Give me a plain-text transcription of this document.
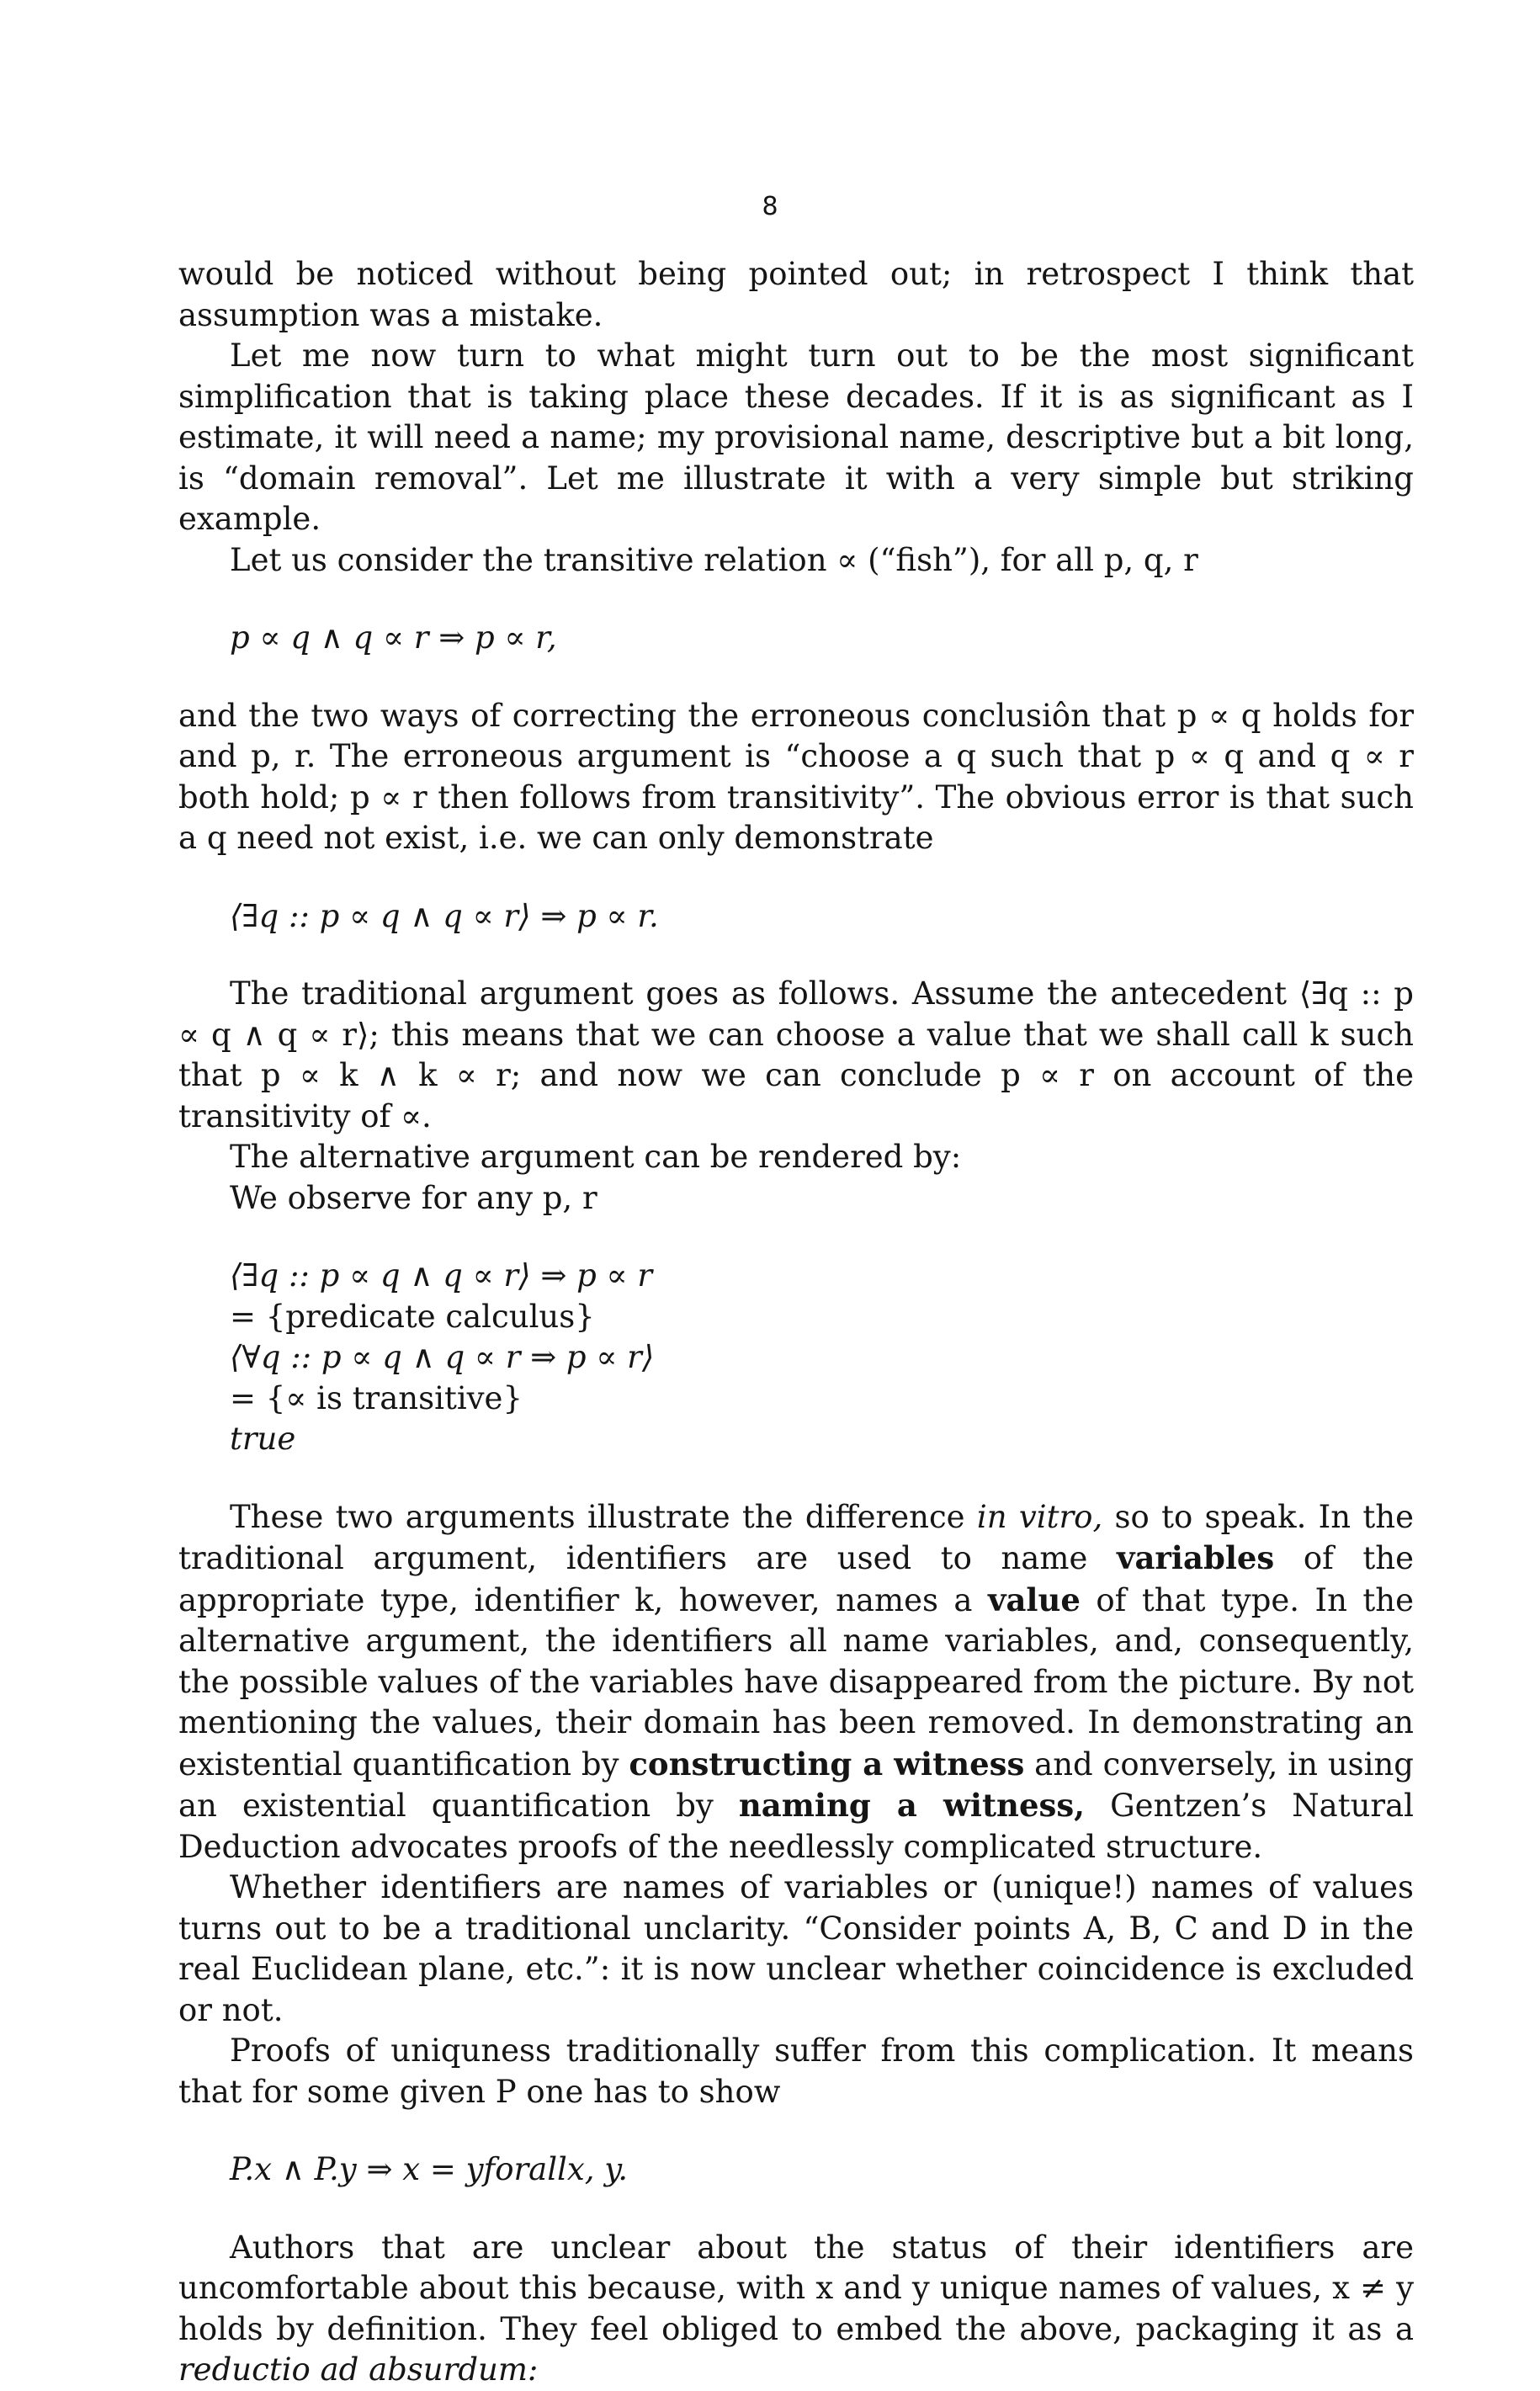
8

would be noticed without being pointed out; in retrospect I think that assumption was a mistake.

Let me now turn to what might turn out to be the most significant simplification that is taking place these decades. If it is as significant as I estimate, it will need a name; my provisional name, descriptive but a bit long, is “domain removal”. Let me illustrate it with a very simple but striking example.

Let us consider the transitive relation ∝ (“fish”), for all p, q, r

p ∝ q ∧ q ∝ r ⇒ p ∝ r,

and the two ways of correcting the erroneous conclusiôn that p ∝ q holds for and p, r. The erroneous argument is “choose a q such that p ∝ q and q ∝ r both hold; p ∝ r then follows from transitivity”. The obvious error is that such a q need not exist, i.e. we can only demonstrate

⟨∃q :: p ∝ q ∧ q ∝ r⟩ ⇒ p ∝ r.

The traditional argument goes as follows. Assume the antecedent ⟨∃q :: p ∝ q ∧ q ∝ r⟩; this means that we can choose a value that we shall call k such that p ∝ k ∧ k ∝ r; and now we can conclude p ∝ r on account of the transitivity of ∝.

The alternative argument can be rendered by:

We observe for any p, r

⟨∃q :: p ∝ q ∧ q ∝ r⟩ ⇒ p ∝ r
= {predicate calculus}
⟨∀q :: p ∝ q ∧ q ∝ r ⇒ p ∝ r⟩
= {∝ is transitive}
true

These two arguments illustrate the difference in vitro, so to speak. In the traditional argument, identifiers are used to name variables of the appropriate type, identifier k, however, names a value of that type. In the alternative argument, the identifiers all name variables, and, consequently, the possible values of the variables have disappeared from the picture. By not mentioning the values, their domain has been removed. In demonstrating an existential quantification by constructing a witness and conversely, in using an existential quantification by naming a witness, Gentzen’s Natural Deduction advocates proofs of the needlessly complicated structure.

Whether identifiers are names of variables or (unique!) names of values turns out to be a traditional unclarity. “Consider points A, B, C and D in the real Euclidean plane, etc.”: it is now unclear whether coincidence is excluded or not.

Proofs of uniquness traditionally suffer from this complication. It means that for some given P one has to show

P.x ∧ P.y ⇒ x = yforallx, y.

Authors that are unclear about the status of their identifiers are uncomfortable about this because, with x and y unique names of values, x ≠ y holds by definition. They feel obliged to embed the above, packaging it as a reductio ad absurdum:
